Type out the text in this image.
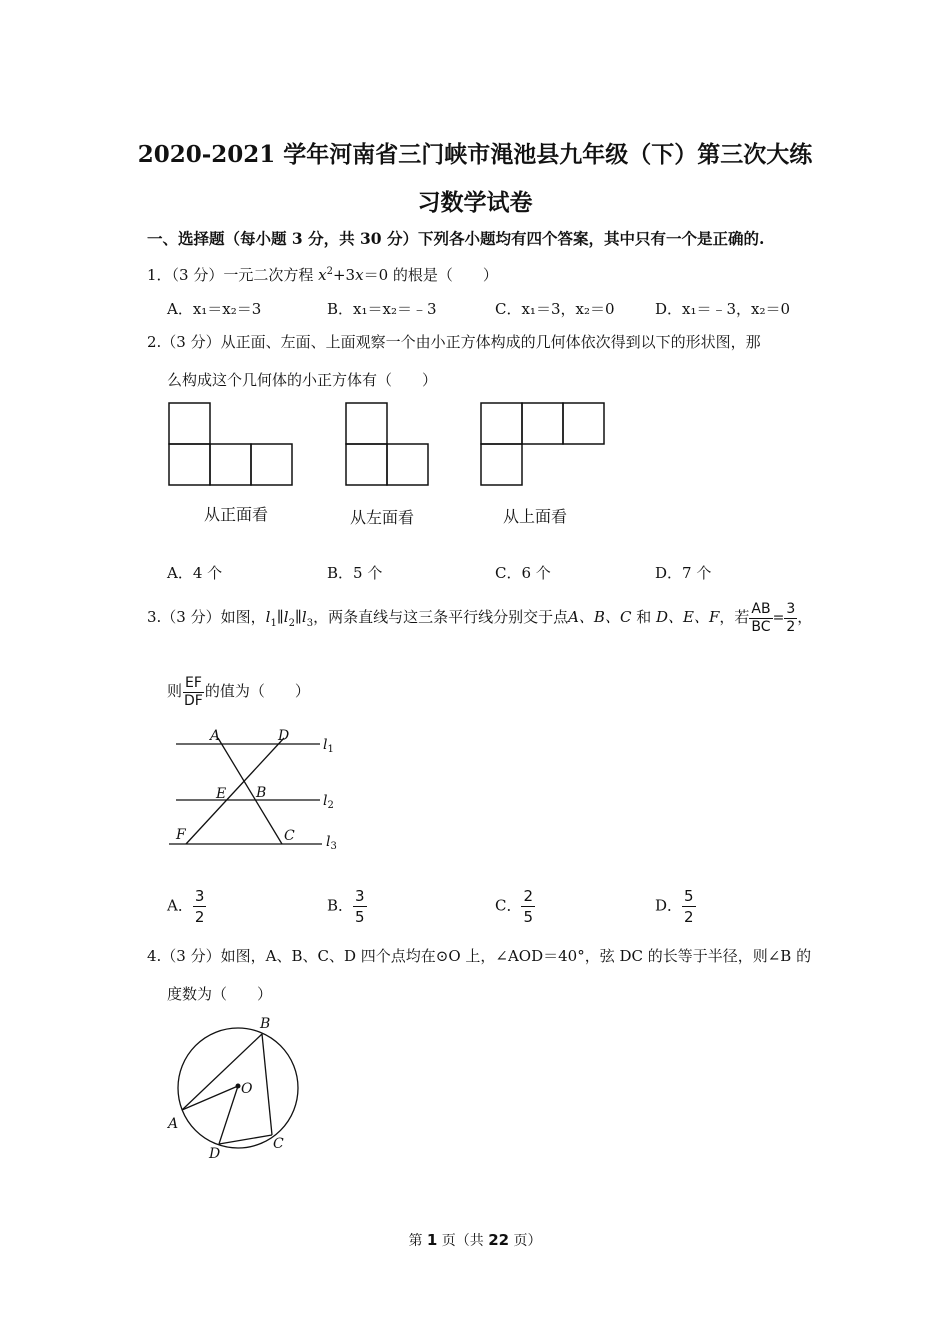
2020-2021 学年河南省三门峡市渑池县九年级（下）第三次大练
习数学试卷
一、选择题（每小题 3 分，共 30 分）下列各小题均有四个答案，其中只有一个是正确的.
1．（3 分）一元二次方程 $x^2+3x=0$ 的根是（　　）
A．x₁＝x₂＝3	B．x₁＝x₂＝﹣3	C．x₁＝3，x₂＝0	D．x₁＝﹣3，x₂＝0
2.（3 分）从正面、左面、上面观察一个由小正方体构成的几何体依次得到以下的形状图，那
么构成这个几何体的小正方体有（　　）
从正面看	从左面看	从上面看
A．4 个	B．5 个	C．6 个	D．7 个
3.（3 分）如图，$l_1\parallel l_2\parallel l_3$，两条直线与这三条平行线分别交于点A、B、C 和 D、E、F，若 $\frac{AB}{BC} = \frac{3}{2}$ ，
则 $\frac{EF}{DF}$ 的值为（　　）
A	D
E B
F	C
$l_1$
$l_2$
$l_3$
A． $\frac{3}{2}$	B． $\frac{3}{5}$	C． $\frac{2}{5}$	D． $\frac{5}{2}$
4.（3 分）如图，A、B、C、D 四个点均在⊙O 上，∠AOD＝40°，弦 DC 的长等于半径，则∠B 的
度数为（　　）
B
O
A
D
C
第 1 页（共 22 页）
